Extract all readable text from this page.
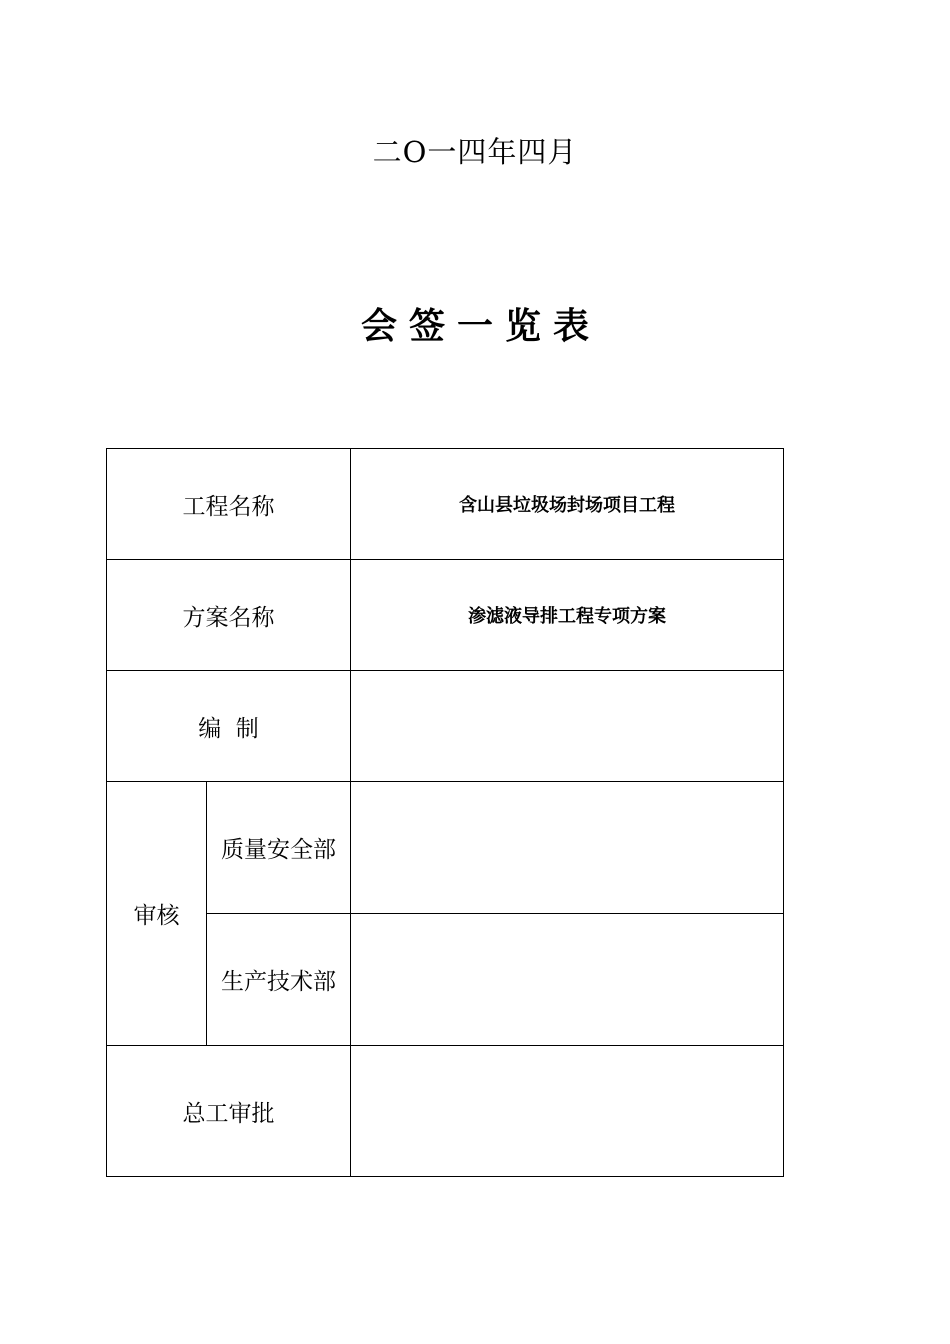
二O一四年四月
会签一览表
工程名称		含山县垃圾场封场项目工程
方案名称		渗滤液导排工程专项方案
编  制		
审核	质量安全部	
	生产技术部	
总工审批		
